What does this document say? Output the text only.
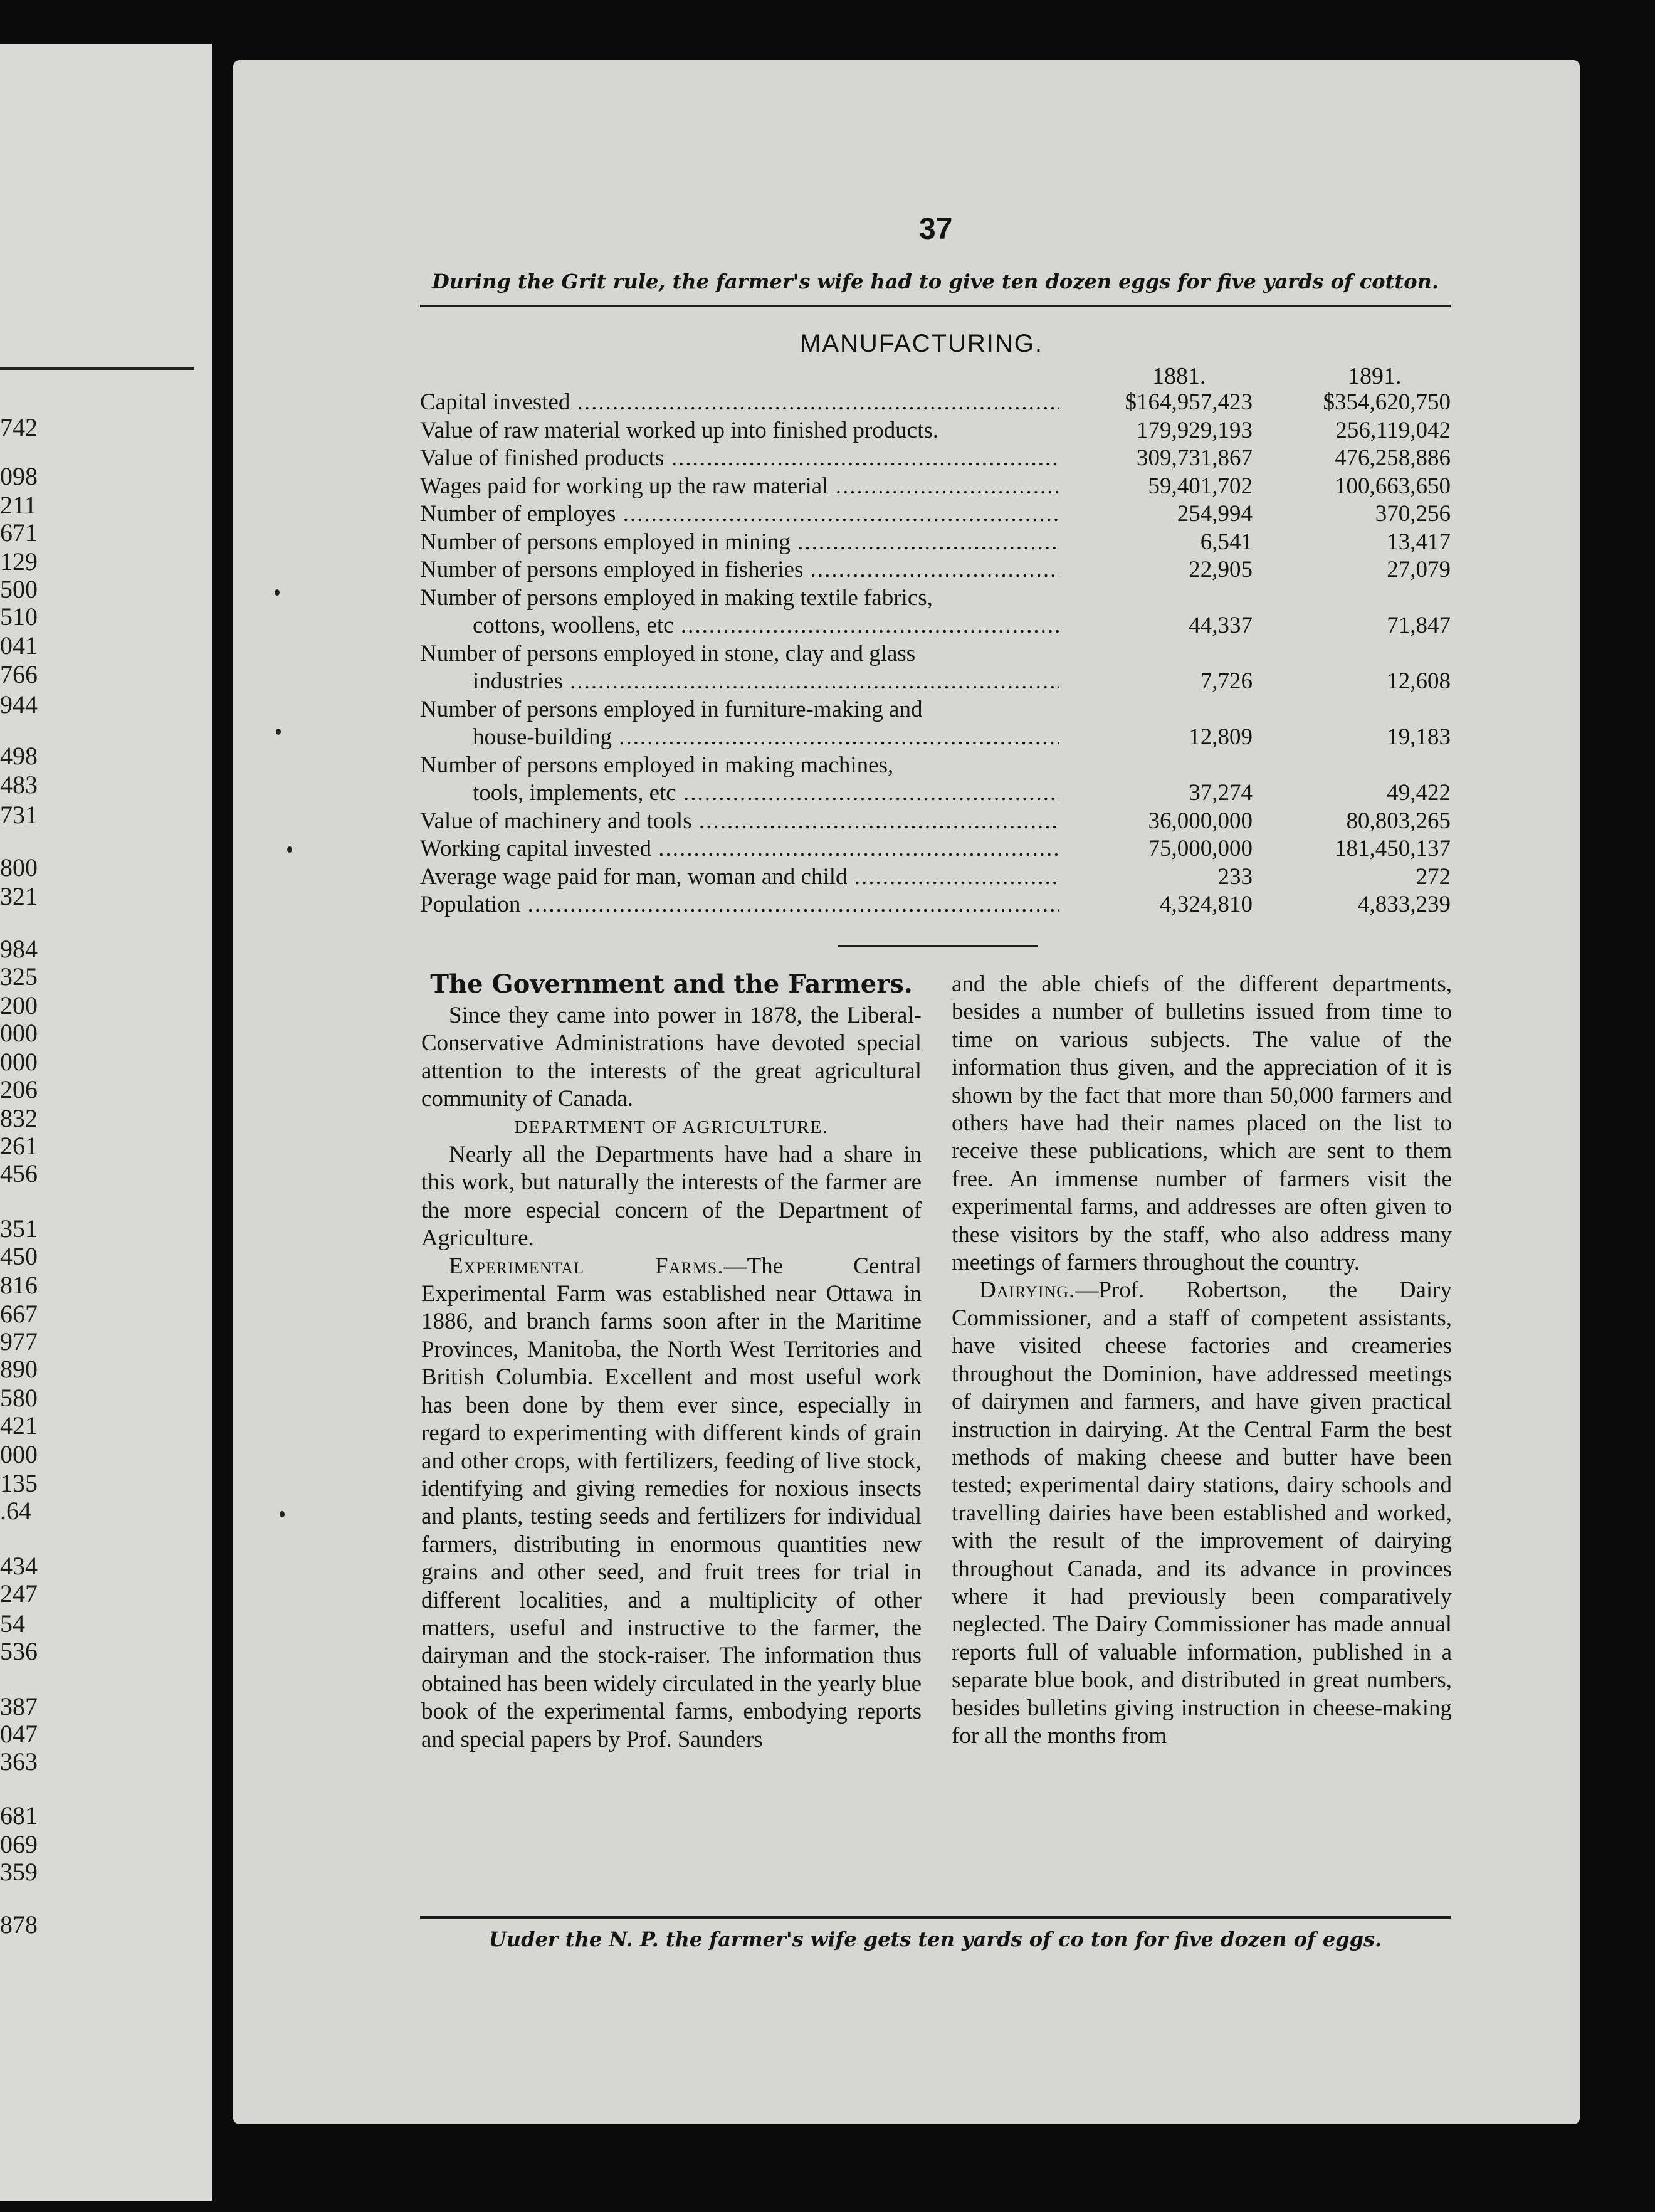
742
098
211
671
129
500
510
041
766
944
498
483
731
800
321
984
325
200
000
000
206
832
261
456
351
450
816
667
977
890
580
421
000
135
.64
434
247
54
536
387
047
363
681
069
359
878
37
During the Grit rule, the farmer's wife had to give ten dozen eggs for five yards of cotton.
MANUFACTURING.
1881.	1891.
Capital invested .....	$164,957,423	$354,620,750
Value of raw material worked up into finished products.	179,929,193	256,119,042
Value of finished products .....	309,731,867	476,258,886
Wages paid for working up the raw material .....	59,401,702	100,663,650
Number of employes .....	254,994	370,256
Number of persons employed in mining .....	6,541	13,417
Number of persons employed in fisheries .....	22,905	27,079
Number of persons employed in making textile fabrics,
cottons, woollens, etc .....	44,337	71,847
Number of persons employed in stone, clay and glass
industries .....	7,726	12,608
Number of persons employed in furniture-making and
house-building .....	12,809	19,183
Number of persons employed in making machines,
tools, implements, etc .....	37,274	49,422
Value of machinery and tools .....	36,000,000	80,803,265
Working capital invested .....	75,000,000	181,450,137
Average wage paid for man, woman and child .....	233	272
Population .....	4,324,810	4,833,239
The Government and the Farmers.

Since they came into power in 1878, the Liberal-Conservative Administrations have devoted special attention to the interests of the great agricultural community of Canada.

DEPARTMENT OF AGRICULTURE.

Nearly all the Departments have had a share in this work, but naturally the interests of the farmer are the more especial concern of the Department of Agriculture.

Experimental Farms.—The Central Experimental Farm was established near Ottawa in 1886, and branch farms soon after in the Maritime Provinces, Manitoba, the North West Territories and British Columbia. Excellent and most useful work has been done by them ever since, especially in regard to experimenting with different kinds of grain and other crops, with fertilizers, feeding of live stock, identifying and giving remedies for noxious insects and plants, testing seeds and fertilizers for individual farmers, distributing in enormous quantities new grains and other seed, and fruit trees for trial in different localities, and a multiplicity of other matters, useful and instructive to the farmer, the dairyman and the stock-raiser. The information thus obtained has been widely circulated in the yearly blue book of the experimental farms, embodying reports and special papers by Prof. Saunders

and the able chiefs of the different departments, besides a number of bulletins issued from time to time on various subjects. The value of the information thus given, and the appreciation of it is shown by the fact that more than 50,000 farmers and others have had their names placed on the list to receive these publications, which are sent to them free. An immense number of farmers visit the experimental farms, and addresses are often given to these visitors by the staff, who also address many meetings of farmers throughout the country.

Dairying.—Prof. Robertson, the Dairy Commissioner, and a staff of competent assistants, have visited cheese factories and creameries throughout the Dominion, have addressed meetings of dairymen and farmers, and have given practical instruction in dairying. At the Central Farm the best methods of making cheese and butter have been tested; experimental dairy stations, dairy schools and travelling dairies have been established and worked, with the result of the improvement of dairying throughout Canada, and its advance in provinces where it had previously been comparatively neglected. The Dairy Commissioner has made annual reports full of valuable information, published in a separate blue book, and distributed in great numbers, besides bulletins giving instruction in cheese-making for all the months from

Uuder the N. P. the farmer's wife gets ten yards of co ton for five dozen of eggs.
